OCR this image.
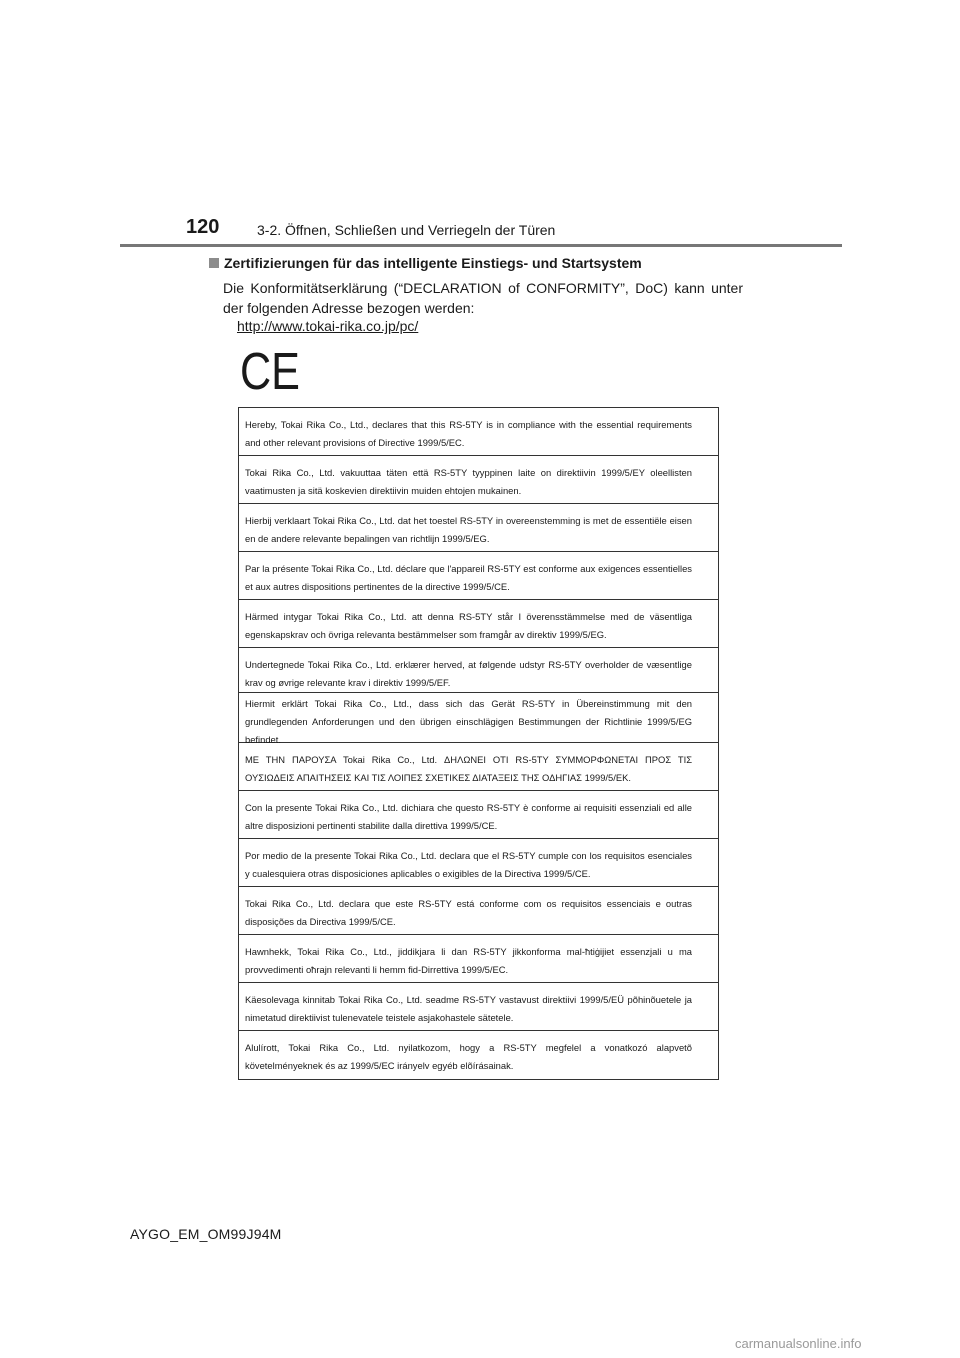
120	3-2. Öffnen, Schließen und Verriegeln der Türen
Zertifizierungen für das intelligente Einstiegs- und Startsystem
Die Konformitätserklärung (“DECLARATION of CONFORMITY”, DoC) kann unter der folgenden Adresse bezogen werden:
http://www.tokai-rika.co.jp/pc/
CE
Hereby, Tokai Rika Co., Ltd., declares that this RS-5TY is in compliance with the essential requirements and other relevant provisions of Directive 1999/5/EC.
Tokai Rika Co., Ltd. vakuuttaa täten että RS-5TY tyyppinen laite on direktiivin 1999/5/EY oleellisten vaatimusten ja sitä koskevien direktiivin muiden ehtojen mukainen.
Hierbij verklaart Tokai Rika Co., Ltd. dat het toestel RS-5TY in overeenstemming is met de essentiële eisen en de andere relevante bepalingen van richtlijn 1999/5/EG.
Par la présente Tokai Rika Co., Ltd. déclare que l'appareil RS-5TY est conforme aux exigences essentielles et aux autres dispositions pertinentes de la directive 1999/5/CE.
Härmed intygar Tokai Rika Co., Ltd. att denna RS-5TY står I överensstämmelse med de väsentliga egenskapskrav och övriga relevanta bestämmelser som framgår av direktiv 1999/5/EG.
Undertegnede Tokai Rika Co., Ltd. erklærer herved, at følgende udstyr RS-5TY overholder de væsentlige krav og øvrige relevante krav i direktiv 1999/5/EF.
Hiermit erklärt Tokai Rika Co., Ltd., dass sich das Gerät RS-5TY in Übereinstimmung mit den grundlegenden Anforderungen und den übrigen einschlägigen Bestimmungen der Richtlinie 1999/5/EG befindet.
ΜΕ ΤΗΝ ΠΑΡΟΥΣΑ Tokai Rika Co., Ltd. ΔΗΛΩΝΕΙ ΟΤΙ RS-5TY ΣΥΜΜΟΡΦΩΝΕΤΑΙ ΠΡΟΣ ΤΙΣ ΟΥΣΙΩΔΕΙΣ ΑΠΑΙΤΗΣΕΙΣ ΚΑΙ ΤΙΣ ΛΟΙΠΕΣ ΣΧΕΤΙΚΕΣ ΔΙΑΤΑΞΕΙΣ ΤΗΣ ΟΔΗΓΙΑΣ 1999/5/ΕΚ.
Con la presente Tokai Rika Co., Ltd. dichiara che questo RS-5TY è conforme ai requisiti essenziali ed alle altre disposizioni pertinenti stabilite dalla direttiva 1999/5/CE.
Por medio de la presente Tokai Rika Co., Ltd. declara que el RS-5TY cumple con los requisitos esenciales y cualesquiera otras disposiciones aplicables o exigibles de la Directiva 1999/5/CE.
Tokai Rika Co., Ltd. declara que este RS-5TY está conforme com os requisitos essenciais e outras disposições da Directiva 1999/5/CE.
Hawnhekk, Tokai Rika Co., Ltd., jiddikjara li dan RS-5TY jikkonforma mal-ħtiġijiet essenzjali u ma provvedimenti oħrajn relevanti li hemm fid-Dirrettiva 1999/5/EC.
Käesolevaga kinnitab Tokai Rika Co., Ltd. seadme RS-5TY vastavust direktiivi 1999/5/EÜ põhinõuetele ja nimetatud direktiivist tulenevatele teistele asjakohastele sätetele.
Alulírott, Tokai Rika Co., Ltd. nyilatkozom, hogy a RS-5TY megfelel a vonatkozó alapvetõ követelményeknek és az 1999/5/EC irányelv egyéb elõírásainak.
AYGO_EM_OM99J94M
carmanualsonline.info
